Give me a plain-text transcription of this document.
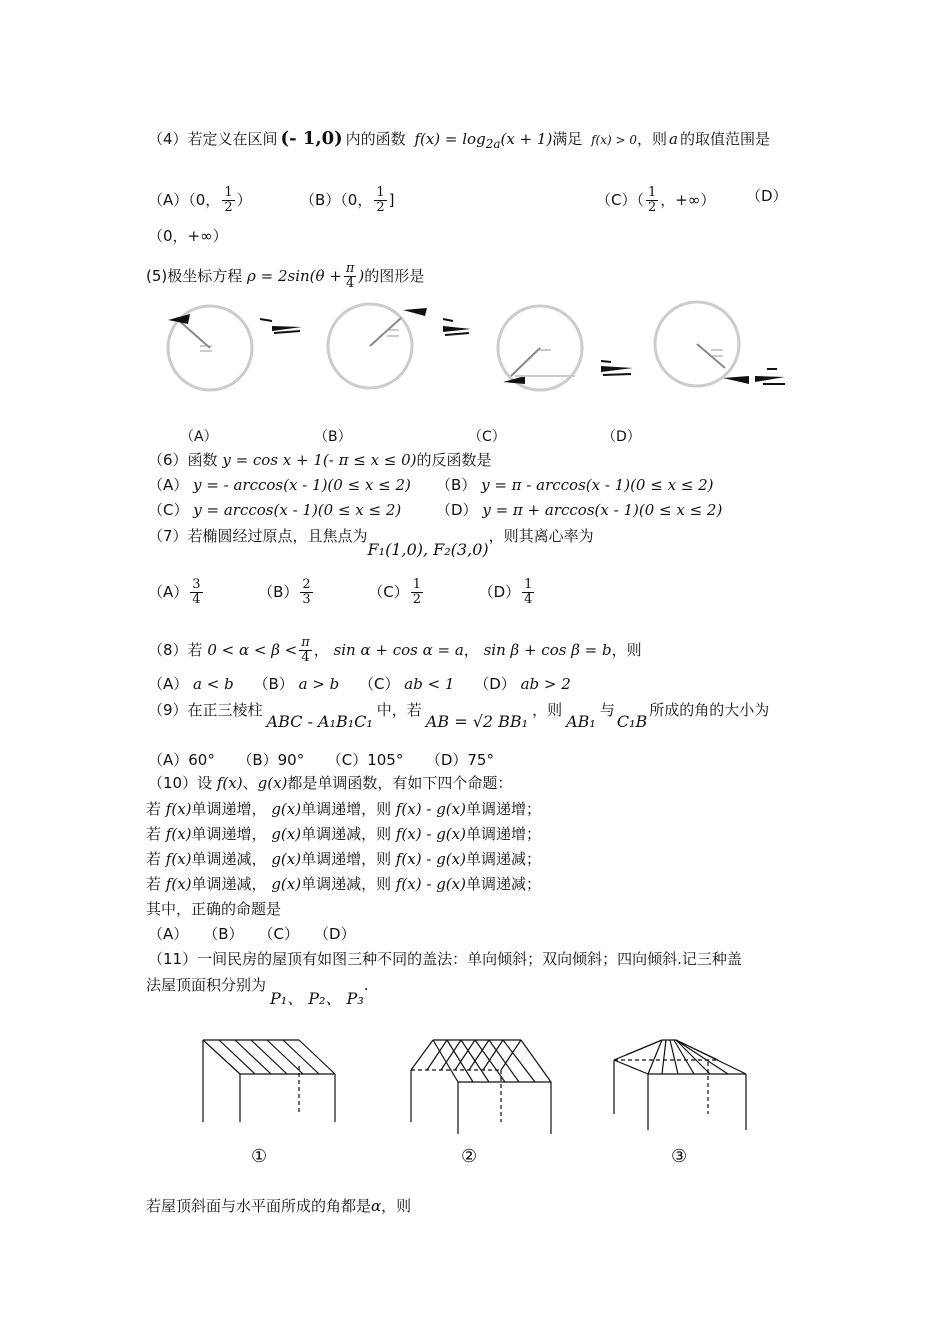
（4）若定义在区间 (- 1,0) 内的函数 $f(x) = \log_{2a}(x + 1)$满足 f(x) > 0，则 a 的取值范围是
（A）（0， $\frac{1}{2}$ ）	（B）（0， $\frac{1}{2}$ ]	$(C)( \frac{1}{2}$ ，+∞） （D）
（0，+∞）
(5)极坐标方程 $\rho = 2\sin(\theta + \frac{\pi}{4}$ )的图形是
（A）	（B）	（C）	（D）
（6）函数 y = cos x + 1(- π ≤ x ≤ 0)的反函数是
（A） y = - arccos(x - 1)(0 ≤ x ≤ 2) （B） y = π - arccos(x - 1)(0 ≤ x ≤ 2)
（C） y = arccos(x - 1)(0 ≤ x ≤ 2) （D） y = π + arccos(x - 1)(0 ≤ x ≤ 2)
（7）若椭圆经过原点，且焦点为F₁(1,0), F₂(3,0)，则其离心率为
$(A) \frac{3}{4}$	$(B) \frac{2}{3}$	$(C) \frac{1}{2}$	$(D) \frac{1}{4}$
（8）若 $0 < \alpha < \beta < \frac{\pi}{4}$ ， sin α + cos α = a， sin β + cos β = b，则
（A） a < b　 （B） a > b　 （C） ab < 1　 （D） ab > 2
（9）在正三棱柱ABC - A₁B₁C₁中，若AB = √2 BB₁，则AB₁与C₁B所成的角的大小为
（A）60°　　（B）90°　　（C）105°　　（D）75°
（10）设 f(x)、g(x)都是单调函数，有如下四个命题：
若 f(x)单调递增， g(x)单调递增，则 f(x) - g(x)单调递增；
若 f(x)单调递增， g(x)单调递减，则 f(x) - g(x)单调递增；
若 f(x)单调递减， g(x)单调递增，则 f(x) - g(x)单调递减；
若 f(x)单调递减， g(x)单调递减，则 f(x) - g(x)单调递减；
其中，正确的命题是
（A）　　（B）　　（C）　　（D）
（11）一间民房的屋顶有如图三种不同的盖法：单向倾斜；双向倾斜；四向倾斜.记三种盖
法屋顶面积分别为P₁、 P₂、 P₃.
①	②	③
若屋顶斜面与水平面所成的角都是α，则
